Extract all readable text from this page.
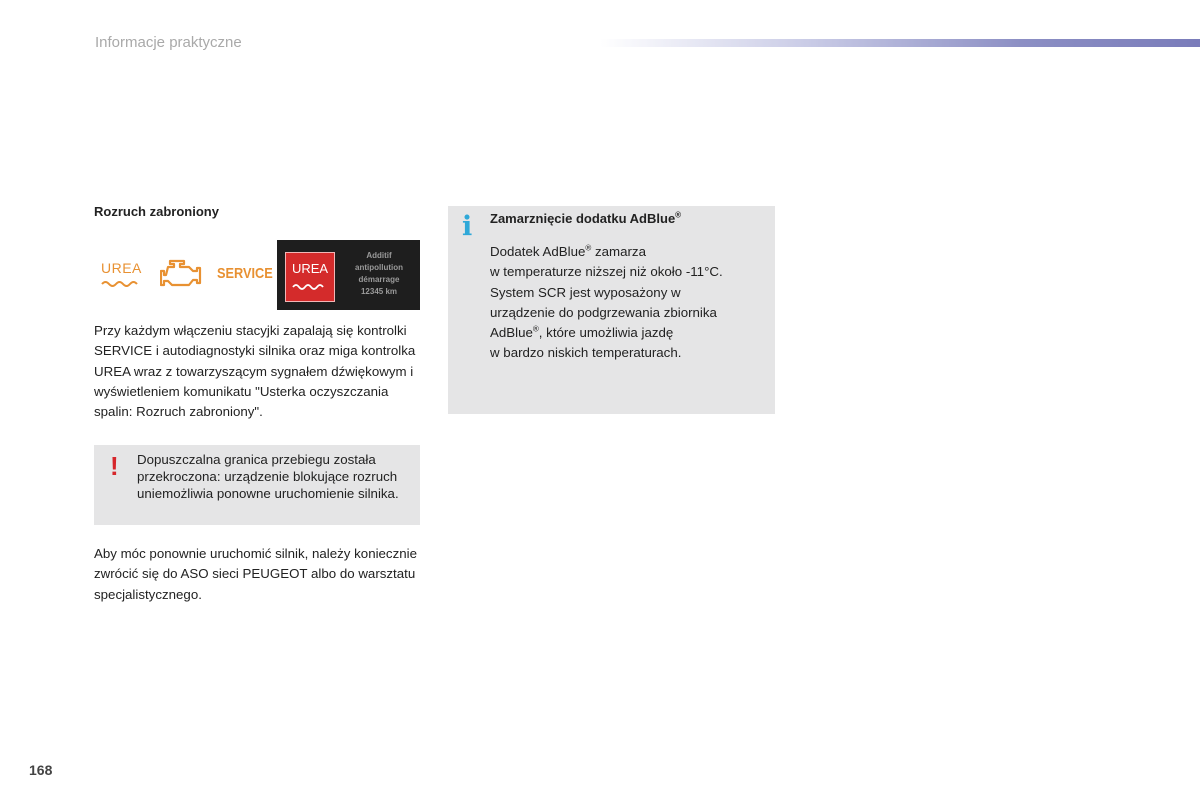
Informacje praktyczne
Rozruch zabroniony
UREA	SERVICE	UREA
Additif
antipollution
démarrage
12345 km
Przy każdym włączeniu stacyjki zapalają się kontrolki SERVICE i autodiagnostyki silnika oraz miga kontrolka UREA wraz z towarzyszącym sygnałem dźwiękowym i wyświetleniem komunikatu "Usterka oczyszczania spalin: Rozruch zabroniony".
! Dopuszczalna granica przebiegu została przekroczona: urządzenie blokujące rozruch uniemożliwia ponowne uruchomienie silnika.
Aby móc ponownie uruchomić silnik, należy koniecznie zwrócić się do ASO sieci PEUGEOT albo do warsztatu specjalistycznego.
i Zamarznięcie dodatku AdBlue®
Dodatek AdBlue® zamarza
w temperaturze niższej niż około -11°C.
System SCR jest wyposażony w
urządzenie do podgrzewania zbiornika
AdBlue®, które umożliwia jazdę
w bardzo niskich temperaturach.
168
